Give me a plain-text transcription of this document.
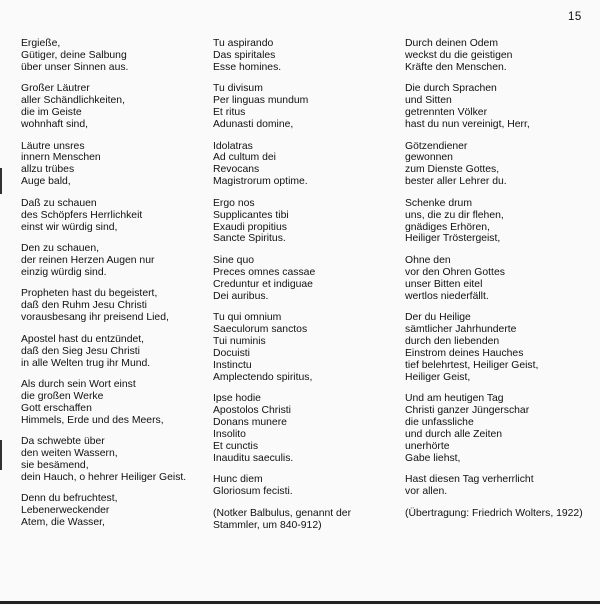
15
Ergieße,
Gütiger, deine Salbung
über unser Sinnen aus.
Großer Läutrer
aller Schändlichkeiten,
die im Geiste
wohnhaft sind,
Läutre unsres
innern Menschen
allzu trübes
Auge bald,
Daß zu schauen
des Schöpfers Herrlichkeit
einst wir würdig sind,
Den zu schauen,
der reinen Herzen Augen nur
einzig würdig sind.
Propheten hast du begeistert,
daß den Ruhm Jesu Christi
vorausbesang ihr preisend Lied,
Apostel hast du entzündet,
daß den Sieg Jesu Christi
in alle Welten trug ihr Mund.
Als durch sein Wort einst
die großen Werke
Gott erschaffen
Himmels, Erde und des Meers,
Da schwebte über
den weiten Wassern,
sie besämend,
dein Hauch, o hehrer Heiliger Geist.
Denn du befruchtest,
Lebenerweckender
Atem, die Wasser,
Tu aspirando
Das spiritales
Esse homines.
Tu divisum
Per linguas mundum
Et ritus
Adunasti domine,
Idolatras
Ad cultum dei
Revocans
Magistrorum optime.
Ergo nos
Supplicantes tibi
Exaudi propitius
Sancte Spiritus.
Sine quo
Preces omnes cassae
Creduntur et indiguae
Dei auribus.
Tu qui omnium
Saeculorum sanctos
Tui numinis
Docuisti
Instinctu
Amplectendo spiritus,
Ipse hodie
Apostolos Christi
Donans munere
Insolito
Et cunctis
Inauditu saeculis.
Hunc diem
Gloriosum fecisti.
(Notker Balbulus, genannt der
Stammler, um 840-912)
Durch deinen Odem
weckst du die geistigen
Kräfte den Menschen.
Die durch Sprachen
und Sitten
getrennten Völker
hast du nun vereinigt, Herr,
Götzendiener
gewonnen
zum Dienste Gottes,
bester aller Lehrer du.
Schenke drum
uns, die zu dir flehen,
gnädiges Erhören,
Heiliger Tröstergeist,
Ohne den
vor den Ohren Gottes
unser Bitten eitel
wertlos niederfällt.
Der du Heilige
sämtlicher Jahrhunderte
durch den liebenden
Einstrom deines Hauches
tief belehrtest, Heiliger Geist,
Heiliger Geist,
Und am heutigen Tag
Christi ganzer Jüngerschar
die unfassliche
und durch alle Zeiten
unerhörte
Gabe liehst,
Hast diesen Tag verherrlicht
vor allen.
(Übertragung: Friedrich Wolters, 1922)
